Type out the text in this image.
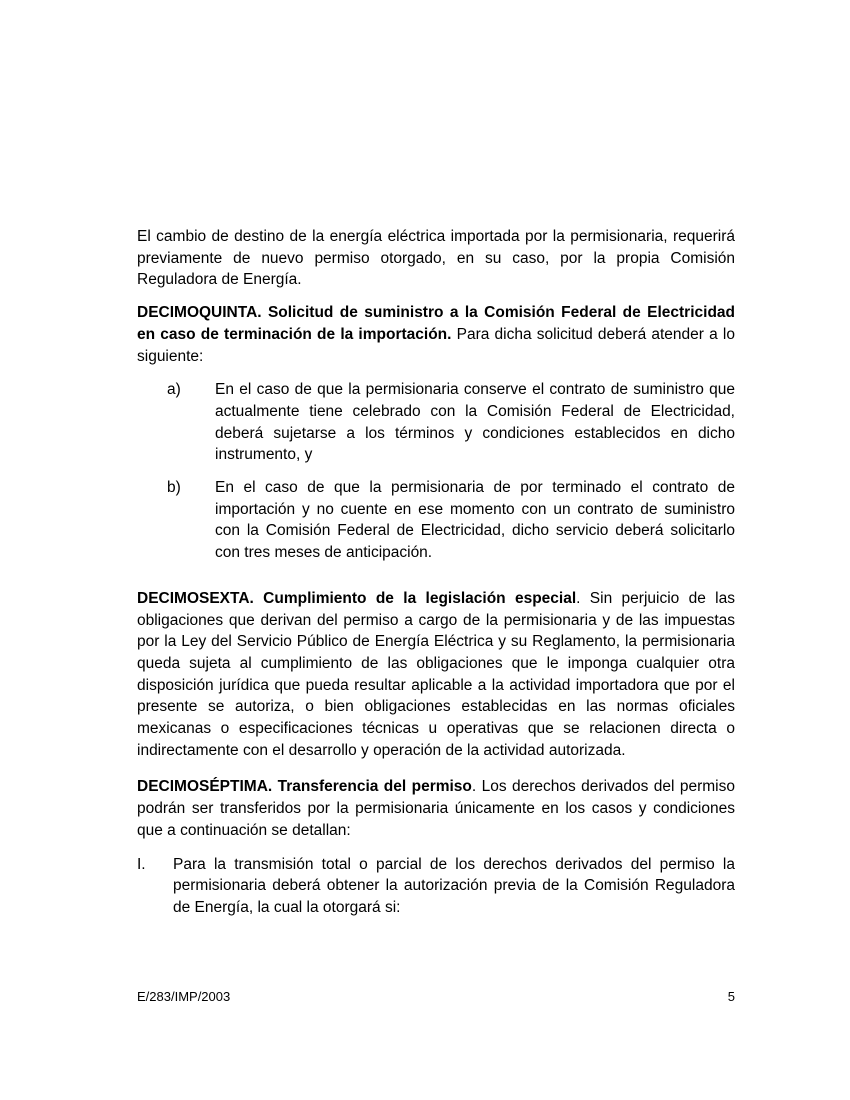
El cambio de destino de la energía eléctrica importada por la permisionaria, requerirá previamente de nuevo permiso otorgado, en su caso, por la propia Comisión Reguladora de Energía.

DECIMOQUINTA. Solicitud de suministro a la Comisión Federal de Electricidad en caso de terminación de la importación. Para dicha solicitud deberá atender a lo siguiente:

a) En el caso de que la permisionaria conserve el contrato de suministro que actualmente tiene celebrado con la Comisión Federal de Electricidad, deberá sujetarse a los términos y condiciones establecidos en dicho instrumento, y
b) En el caso de que la permisionaria de por terminado el contrato de importación y no cuente en ese momento con un contrato de suministro con la Comisión Federal de Electricidad, dicho servicio deberá solicitarlo con tres meses de anticipación.

DECIMOSEXTA. Cumplimiento de la legislación especial. Sin perjuicio de las obligaciones que derivan del permiso a cargo de la permisionaria y de las impuestas por la Ley del Servicio Público de Energía Eléctrica y su Reglamento, la permisionaria queda sujeta al cumplimiento de las obligaciones que le imponga cualquier otra disposición jurídica que pueda resultar aplicable a la actividad importadora que por el presente se autoriza, o bien obligaciones establecidas en las normas oficiales mexicanas o especificaciones técnicas u operativas que se relacionen directa o indirectamente con el desarrollo y operación de la actividad autorizada.

DECIMOSÉPTIMA. Transferencia del permiso. Los derechos derivados del permiso podrán ser transferidos por la permisionaria únicamente en los casos y condiciones que a continuación se detallan:

I. Para la transmisión total o parcial de los derechos derivados del permiso la permisionaria deberá obtener la autorización previa de la Comisión Reguladora de Energía, la cual la otorgará si:
E/283/IMP/2003	5
